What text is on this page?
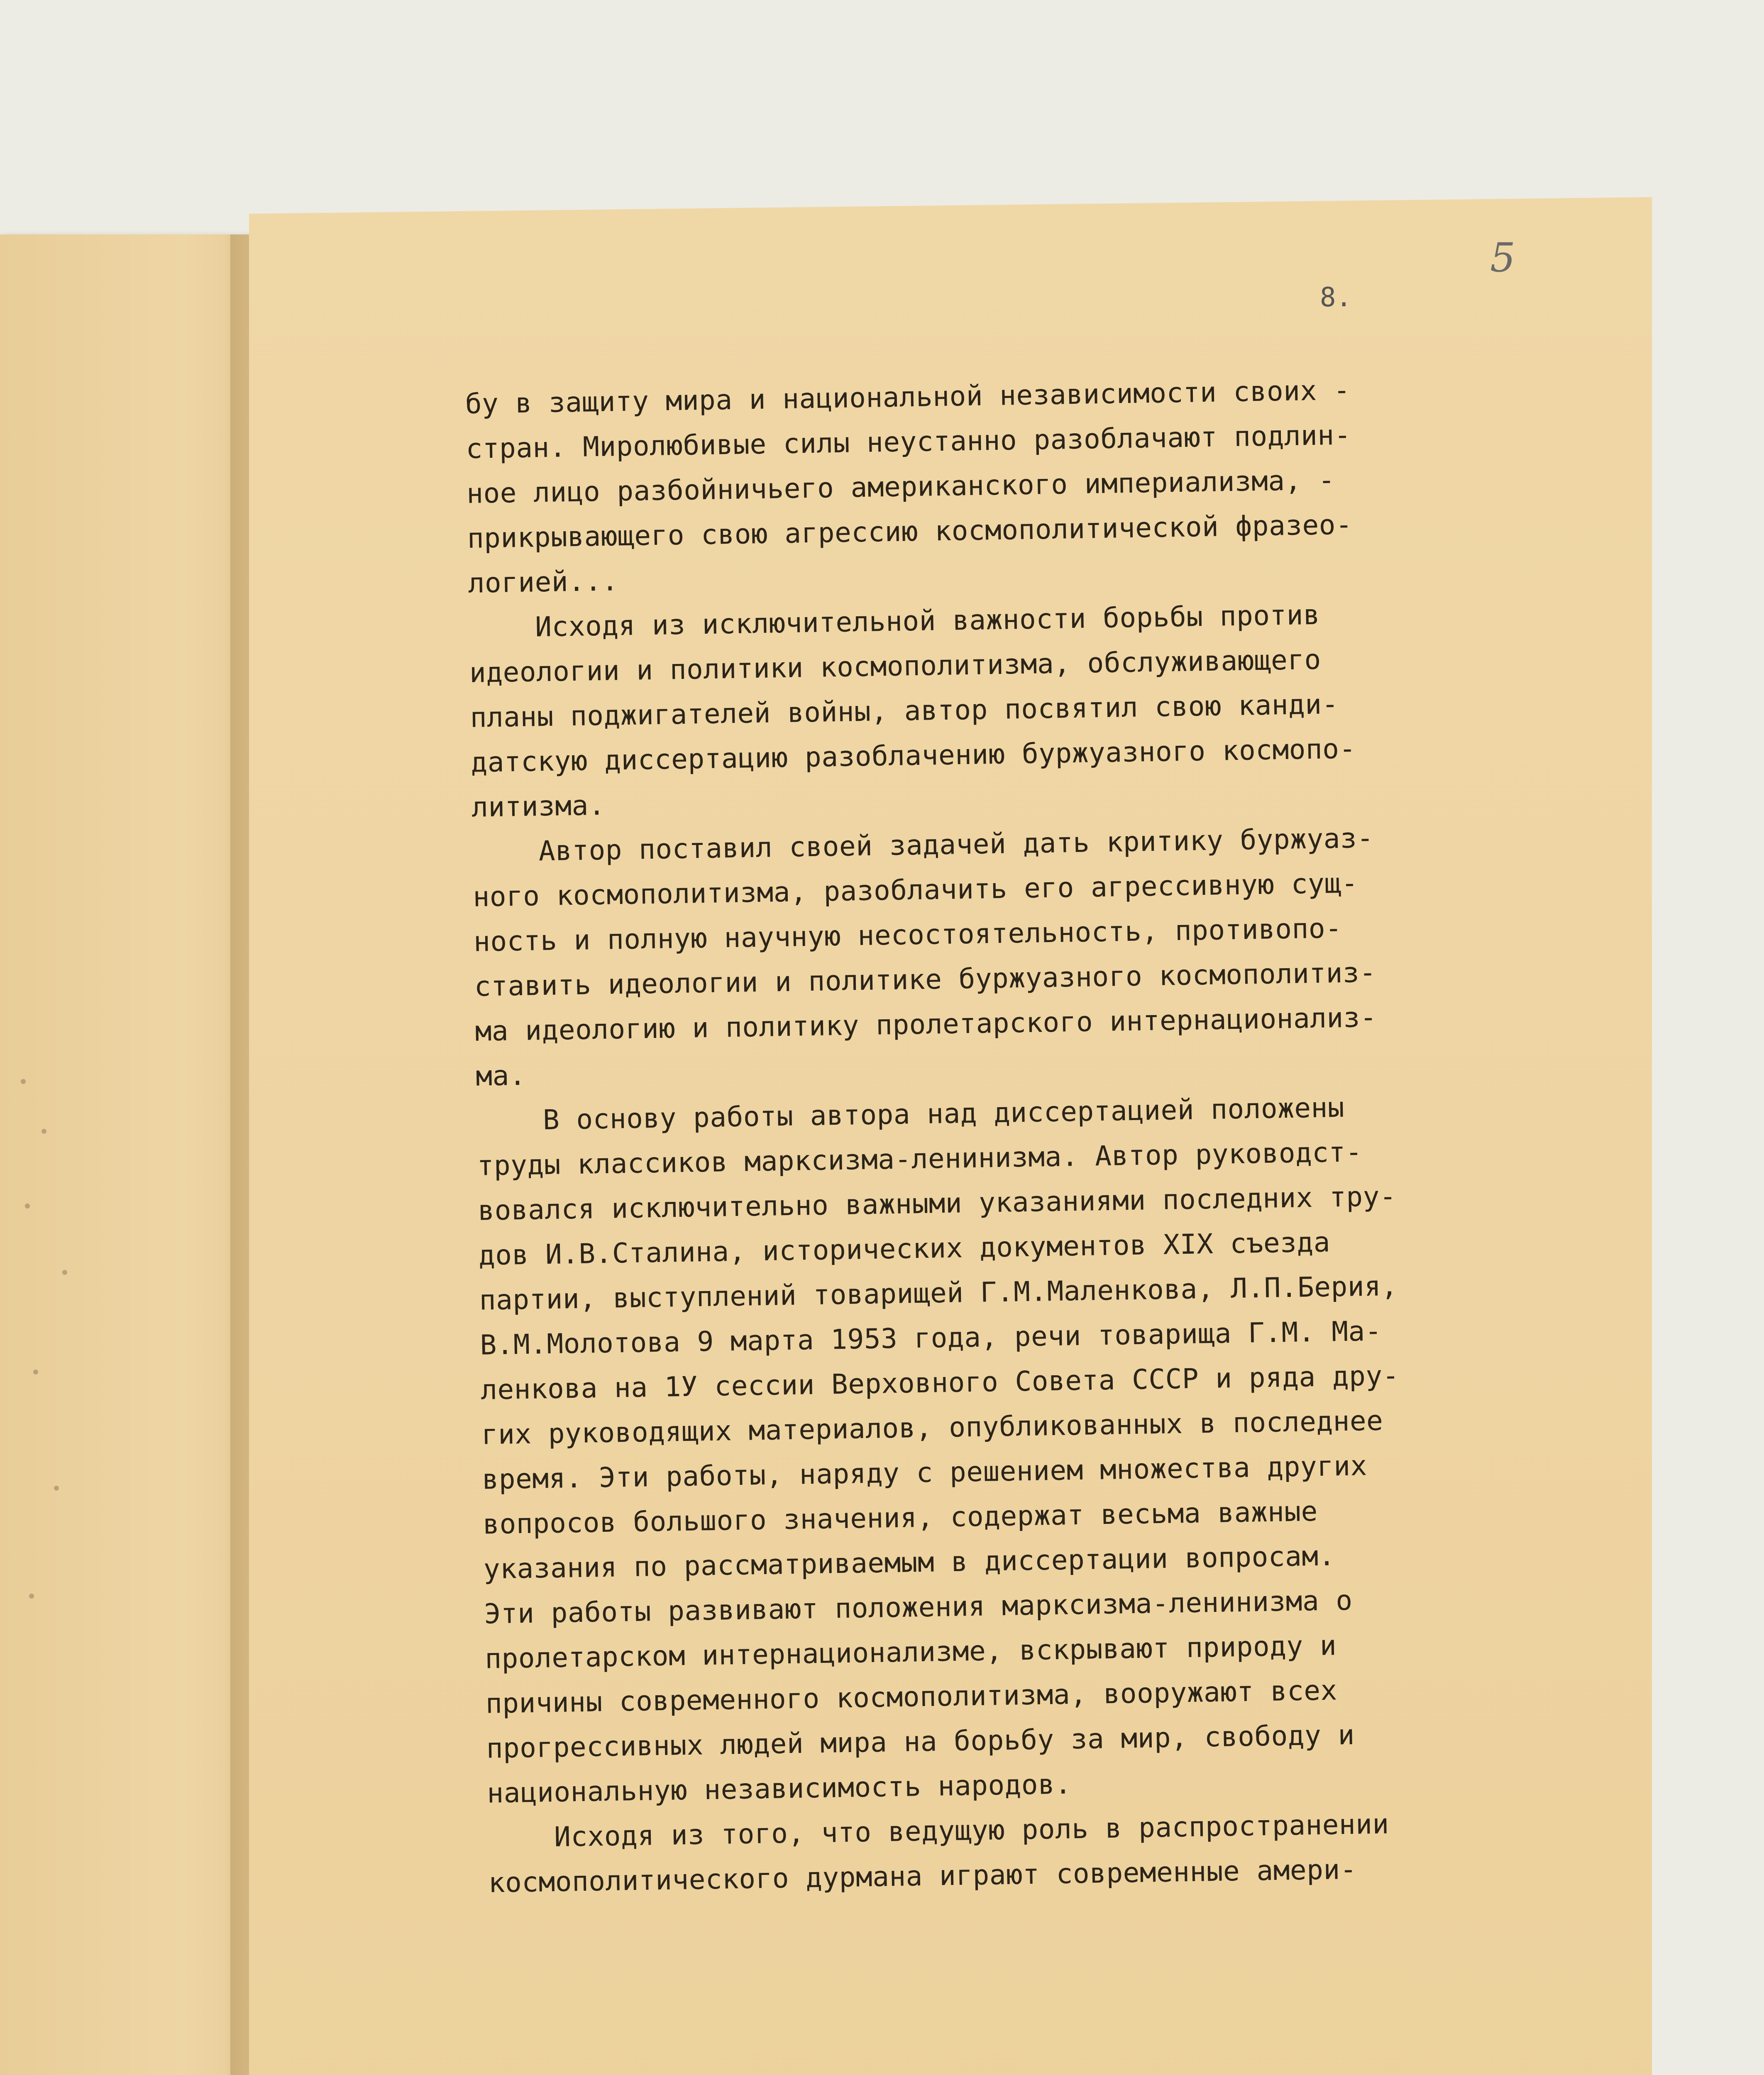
5
8.
бу в защиту мира и национальной независимости своих -
стран. Миролюбивые силы неустанно разоблачают подлин-
ное лицо разбойничьего американского империализма, -
прикрывающего свою агрессию космополитической фразео-
логией...
Исходя из исключительной важности борьбы против
идеологии и политики космополитизма, обслуживающего
планы поджигателей войны, автор посвятил свою канди-
датскую диссертацию разоблачению буржуазного космопо-
литизма.
Автор поставил своей задачей дать критику буржуаз-
ного космополитизма, разоблачить его агрессивную сущ-
ность и полную научную несостоятельность, противопо-
ставить идеологии и политике буржуазного космополитиз-
ма идеологию и политику пролетарского интернационализ-
ма.
В основу работы автора над диссертацией положены
труды классиков марксизма-ленинизма. Автор руководст-
вовался исключительно важными указаниями последних тру-
дов И.В.Сталина, исторических документов XIX съезда
партии, выступлений товарищей Г.М.Маленкова, Л.П.Берия,
В.М.Молотова 9 марта 1953 года, речи товарища Г.М. Ма-
ленкова на 1У сессии Верховного Совета СССР и ряда дру-
гих руководящих материалов, опубликованных в последнее
время. Эти работы, наряду с решением множества других
вопросов большого значения, содержат весьма важные
указания по рассматриваемым в диссертации вопросам.
Эти работы развивают положения марксизма-ленинизма о
пролетарском интернационализме, вскрывают природу и
причины современного космополитизма, вооружают всех
прогрессивных людей мира на борьбу за мир, свободу и
национальную независимость народов.
Исходя из того, что ведущую роль в распространении
космополитического дурмана играют современные амери-
